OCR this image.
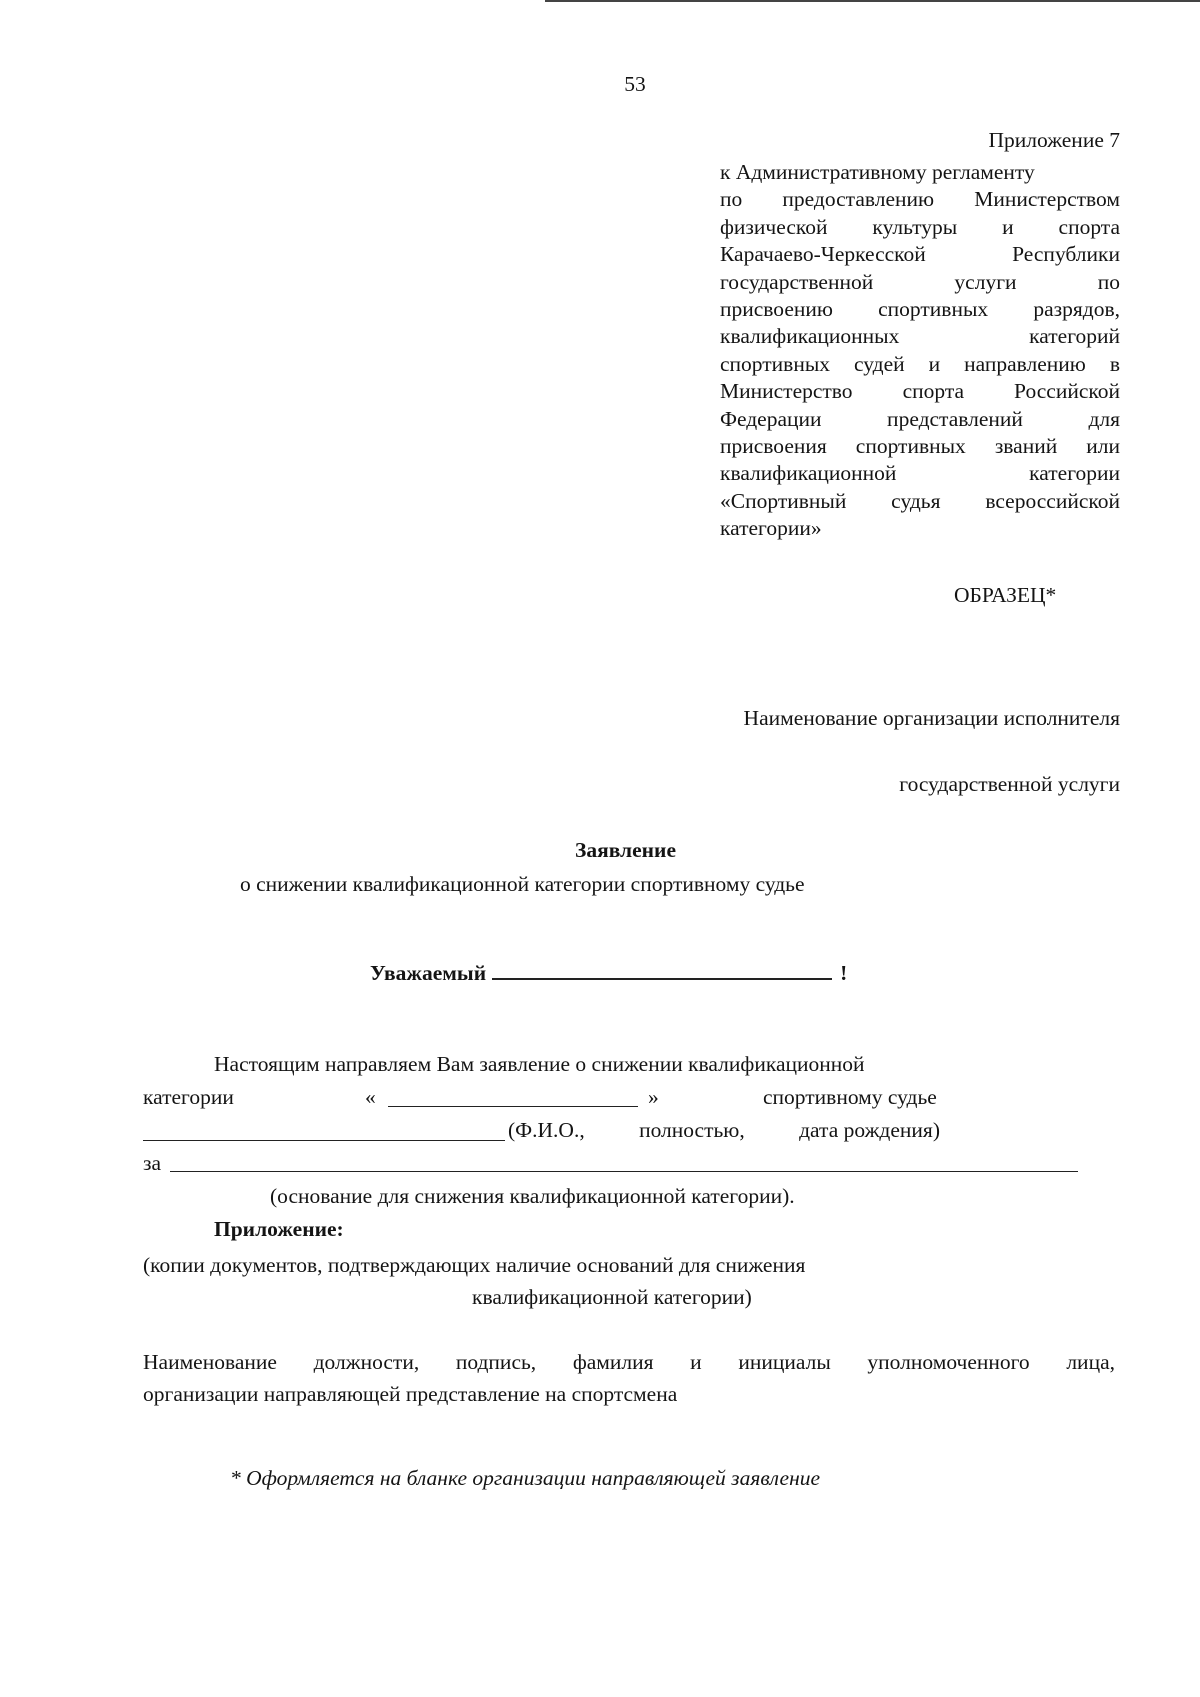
53
Приложение 7
к Административному регламенту
по предоставлению Министерством
физической культуры и спорта
Карачаево-Черкесской Республики
государственной услуги по
присвоению спортивных разрядов,
квалификационных категорий
спортивных судей и направлению в
Министерство спорта Российской
Федерации представлений для
присвоения спортивных званий или
квалификационной категории
«Спортивный судья всероссийской
категории»
ОБРАЗЕЦ*
Наименование организации исполнителя
государственной услуги
Заявление
о снижении квалификационной категории спортивному судье
Уважаемый	!
Настоящим направляем Вам заявление о снижении квалификационной
категории	«	»	спортивному судье
(Ф.И.О.,	полностью,	дата рождения)
за
(основание для снижения квалификационной категории).
Приложение:
(копии документов, подтверждающих наличие оснований для снижения
квалификационной категории)
Наименование должности, подпись, фамилия и инициалы уполномоченного лица,
организации направляющей представление на спортсмена
* Оформляется на бланке организации направляющей заявление
